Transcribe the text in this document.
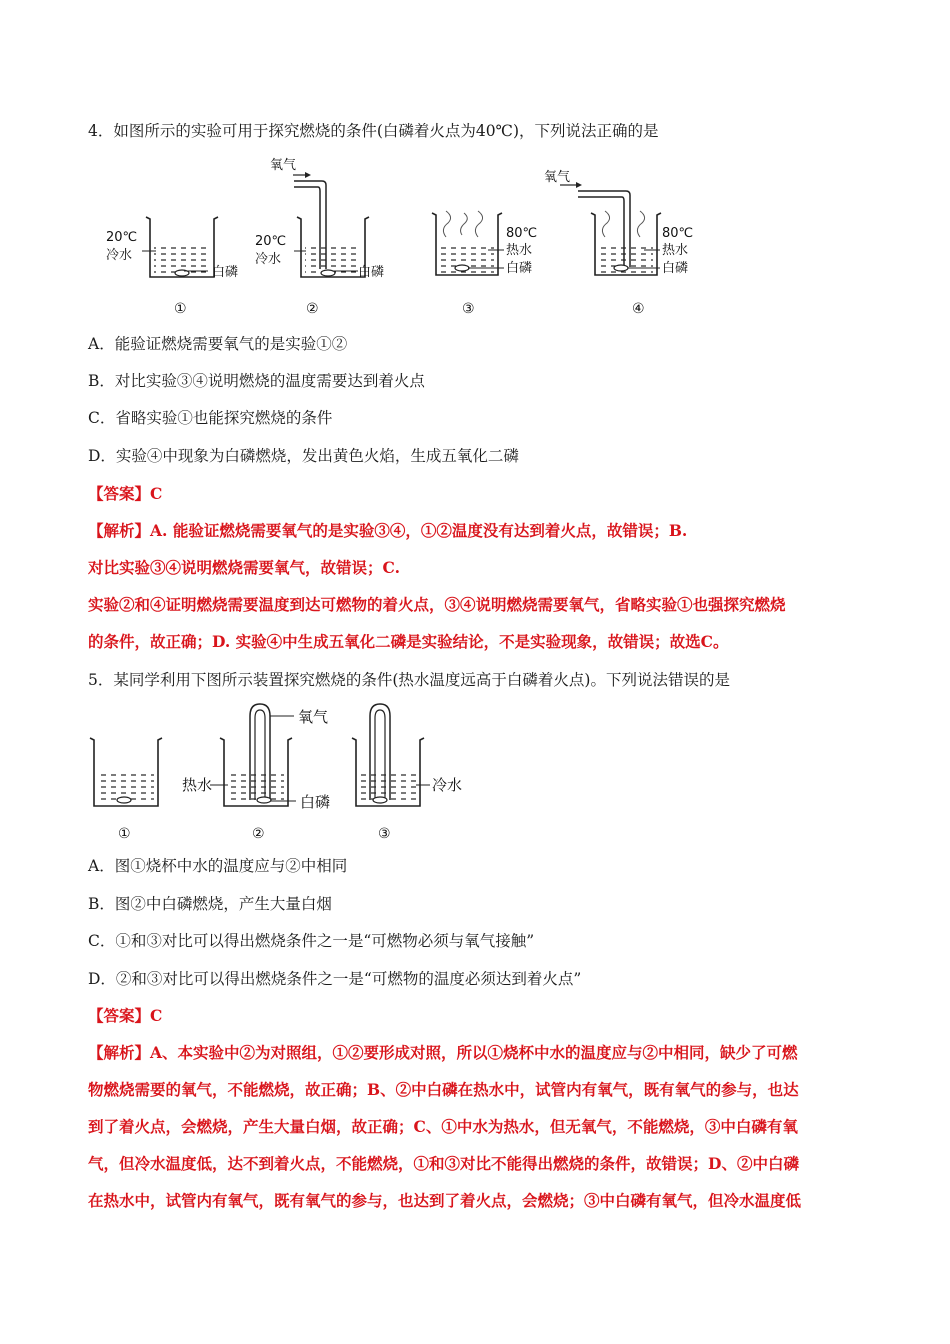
4．如图所示的实验可用于探究燃烧的条件(白磷着火点为40℃)，下列说法正确的是

20℃
冷水
白磷
①
氧气
20℃
冷水
白磷
②
80℃
热水
白磷
③
氧气
80℃
热水
白磷
④

A．能验证燃烧需要氧气的是实验①②

B．对比实验③④说明燃烧的温度需要达到着火点

C．省略实验①也能探究燃烧的条件

D．实验④中现象为白磷燃烧，发出黄色火焰，生成五氧化二磷

【答案】C

【解析】A. 能验证燃烧需要氧气的是实验③④，①②温度没有达到着火点，故错误；B.

对比实验③④说明燃烧需要氧气，故错误；C.

实验②和④证明燃烧需要温度到达可燃物的着火点，③④说明燃烧需要氧气，省略实验①也强探究燃烧

的条件，故正确；D. 实验④中生成五氧化二磷是实验结论，不是实验现象，故错误；故选C。

5．某同学利用下图所示装置探究燃烧的条件(热水温度远高于白磷着火点)。下列说法错误的是

①
热水
②
冷水
③
氧气
白磷

A．图①烧杯中水的温度应与②中相同

B．图②中白磷燃烧，产生大量白烟

C．①和③对比可以得出燃烧条件之一是“可燃物必须与氧气接触”

D．②和③对比可以得出燃烧条件之一是“可燃物的温度必须达到着火点”

【答案】C

【解析】A、本实验中②为对照组，①②要形成对照，所以①烧杯中水的温度应与②中相同，缺少了可燃

物燃烧需要的氧气，不能燃烧，故正确；B、②中白磷在热水中，试管内有氧气，既有氧气的参与，也达

到了着火点，会燃烧，产生大量白烟，故正确；C、①中水为热水，但无氧气，不能燃烧，③中白磷有氧

气，但冷水温度低，达不到着火点，不能燃烧，①和③对比不能得出燃烧的条件，故错误；D、②中白磷

在热水中，试管内有氧气，既有氧气的参与，也达到了着火点，会燃烧；③中白磷有氧气，但冷水温度低
